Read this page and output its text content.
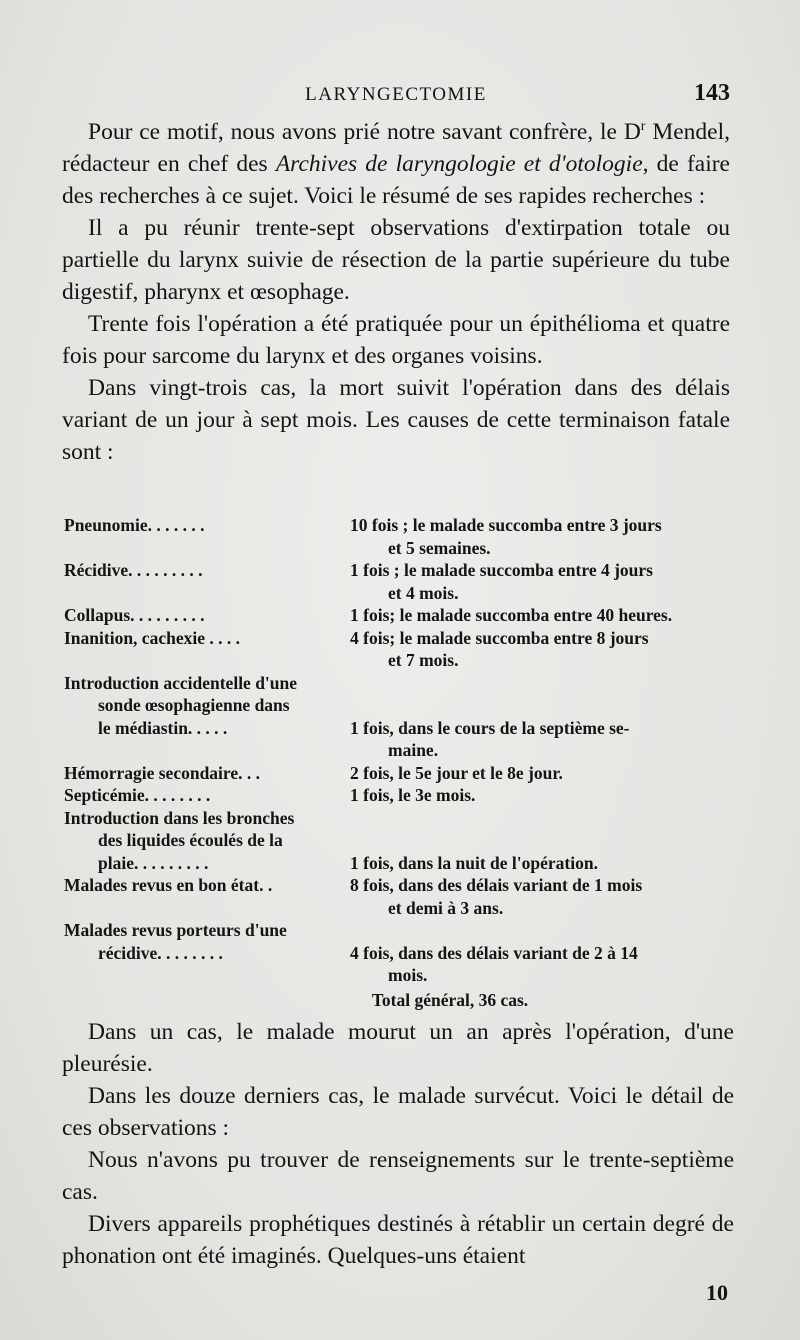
LARYNGECTOMIE	143

Pour ce motif, nous avons prié notre savant confrère, le $D^r$ Mendel, rédacteur en chef des Archives de laryngologie et d'otologie, de faire des recherches à ce sujet. Voici le résumé de ses rapides recherches :

Il a pu réunir trente-sept observations d'extirpation totale ou partielle du larynx suivie de résection de la partie supérieure du tube digestif, pharynx et œsophage.

Trente fois l'opération a été pratiquée pour un épithélioma et quatre fois pour sarcome du larynx et des organes voisins.

Dans vingt-trois cas, la mort suivit l'opération dans des délais variant de un jour à sept mois. Les causes de cette terminaison fatale sont :

Pneunomie. . . . . . .	10 fois ; le malade succomba entre 3 jours
et 5 semaines.
Récidive. . . . . . . . .	1 fois ; le malade succomba entre 4 jours
et 4 mois.
Collapus. . . . . . . . .	1 fois; le malade succomba entre 40 heures.
Inanition, cachexie . . . .	4 fois; le malade succomba entre 8 jours
et 7 mois.
Introduction accidentelle d'une
sonde œsophagienne dans
le médiastin. . . . .	1 fois, dans le cours de la septième se-
maine.
Hémorragie secondaire. . .	2 fois, le 5e jour et le 8e jour.
Septicémie. . . . . . . .	1 fois, le 3e mois.
Introduction dans les bronches
des liquides écoulés de la
plaie. . . . . . . . .	1 fois, dans la nuit de l'opération.
Malades revus en bon état. .	8 fois, dans des délais variant de 1 mois
et demi à 3 ans.
Malades revus porteurs d'une
récidive. . . . . . . .	4 fois, dans des délais variant de 2 à 14
mois.
Total général, 36 cas.

Dans un cas, le malade mourut un an après l'opération, d'une pleurésie.

Dans les douze derniers cas, le malade survécut. Voici le détail de ces observations :

Nous n'avons pu trouver de renseignements sur le trente-septième cas.

Divers appareils prophétiques destinés à rétablir un certain degré de phonation ont été imaginés. Quelques-uns étaient

10
